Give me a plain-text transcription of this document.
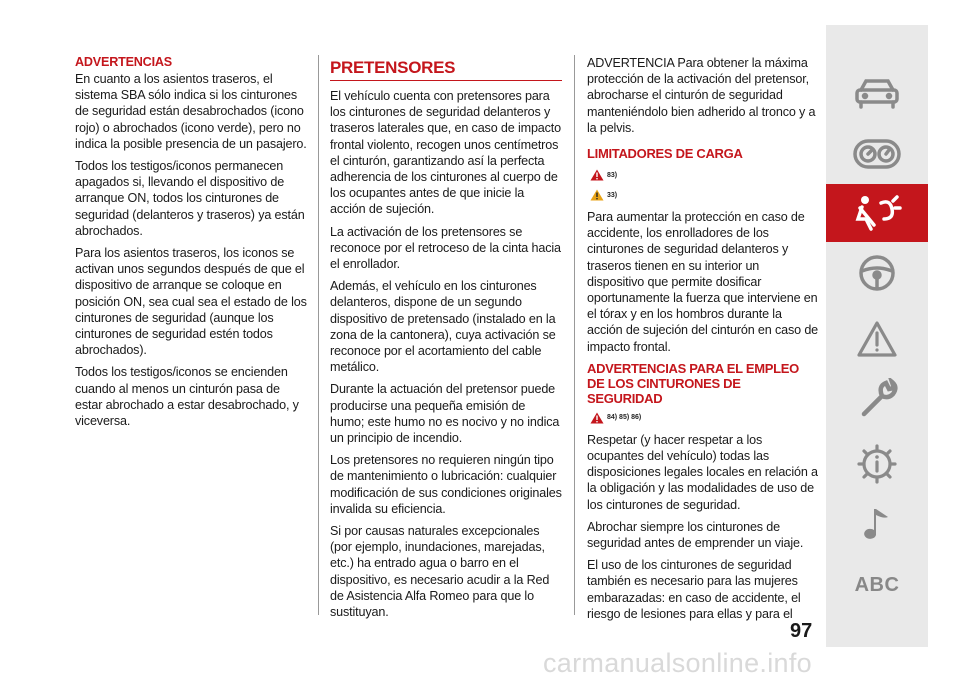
ADVERTENCIAS

En cuanto a los asientos traseros, el sistema SBA sólo indica si los cinturones de seguridad están desabrochados (icono rojo) o abrochados (icono verde), pero no indica la posible presencia de un pasajero.

Todos los testigos/iconos permanecen apagados si, llevando el dispositivo de arranque ON, todos los cinturones de seguridad (delanteros y traseros) ya están abrochados.

Para los asientos traseros, los iconos se activan unos segundos después de que el dispositivo de arranque se coloque en posición ON, sea cual sea el estado de los cinturones de seguridad (aunque los cinturones de seguridad estén todos abrochados).

Todos los testigos/iconos se encienden cuando al menos un cinturón pasa de estar abrochado a estar desabrochado, y viceversa.

PRETENSORES

El vehículo cuenta con pretensores para los cinturones de seguridad delanteros y traseros laterales que, en caso de impacto frontal violento, recogen unos centímetros el cinturón, garantizando así la perfecta adherencia de los cinturones al cuerpo de los ocupantes antes de que inicie la acción de sujeción.

La activación de los pretensores se reconoce por el retroceso de la cinta hacia el enrollador.

Además, el vehículo en los cinturones delanteros, dispone de un segundo dispositivo de pretensado (instalado en la zona de la cantonera), cuya activación se reconoce por el acortamiento del cable metálico.

Durante la actuación del pretensor puede producirse una pequeña emisión de humo; este humo no es nocivo y no indica un principio de incendio.

Los pretensores no requieren ningún tipo de mantenimiento o lubricación: cualquier modificación de sus condiciones originales invalida su eficiencia.

Si por causas naturales excepcionales (por ejemplo, inundaciones, marejadas, etc.) ha entrado agua o barro en el dispositivo, es necesario acudir a la Red de Asistencia Alfa Romeo para que lo sustituyan.

ADVERTENCIA Para obtener la máxima protección de la activación del pretensor, abrocharse el cinturón de seguridad manteniéndolo bien adherido al tronco y a la pelvis.

LIMITADORES DE CARGA
83)
33)

Para aumentar la protección en caso de accidente, los enrolladores de los cinturones de seguridad delanteros y traseros tienen en su interior un dispositivo que permite dosificar oportunamente la fuerza que interviene en el tórax y en los hombros durante la acción de sujeción del cinturón en caso de impacto frontal.

ADVERTENCIAS PARA EL EMPLEO DE LOS CINTURONES DE SEGURIDAD
84) 85) 86)

Respetar (y hacer respetar a los ocupantes del vehículo) todas las disposiciones legales locales en relación a la obligación y las modalidades de uso de los cinturones de seguridad.

Abrochar siempre los cinturones de seguridad antes de emprender un viaje.

El uso de los cinturones de seguridad también es necesario para las mujeres embarazadas: en caso de accidente, el riesgo de lesiones para ellas y para el

ABC
97
carmanualsonline.info
